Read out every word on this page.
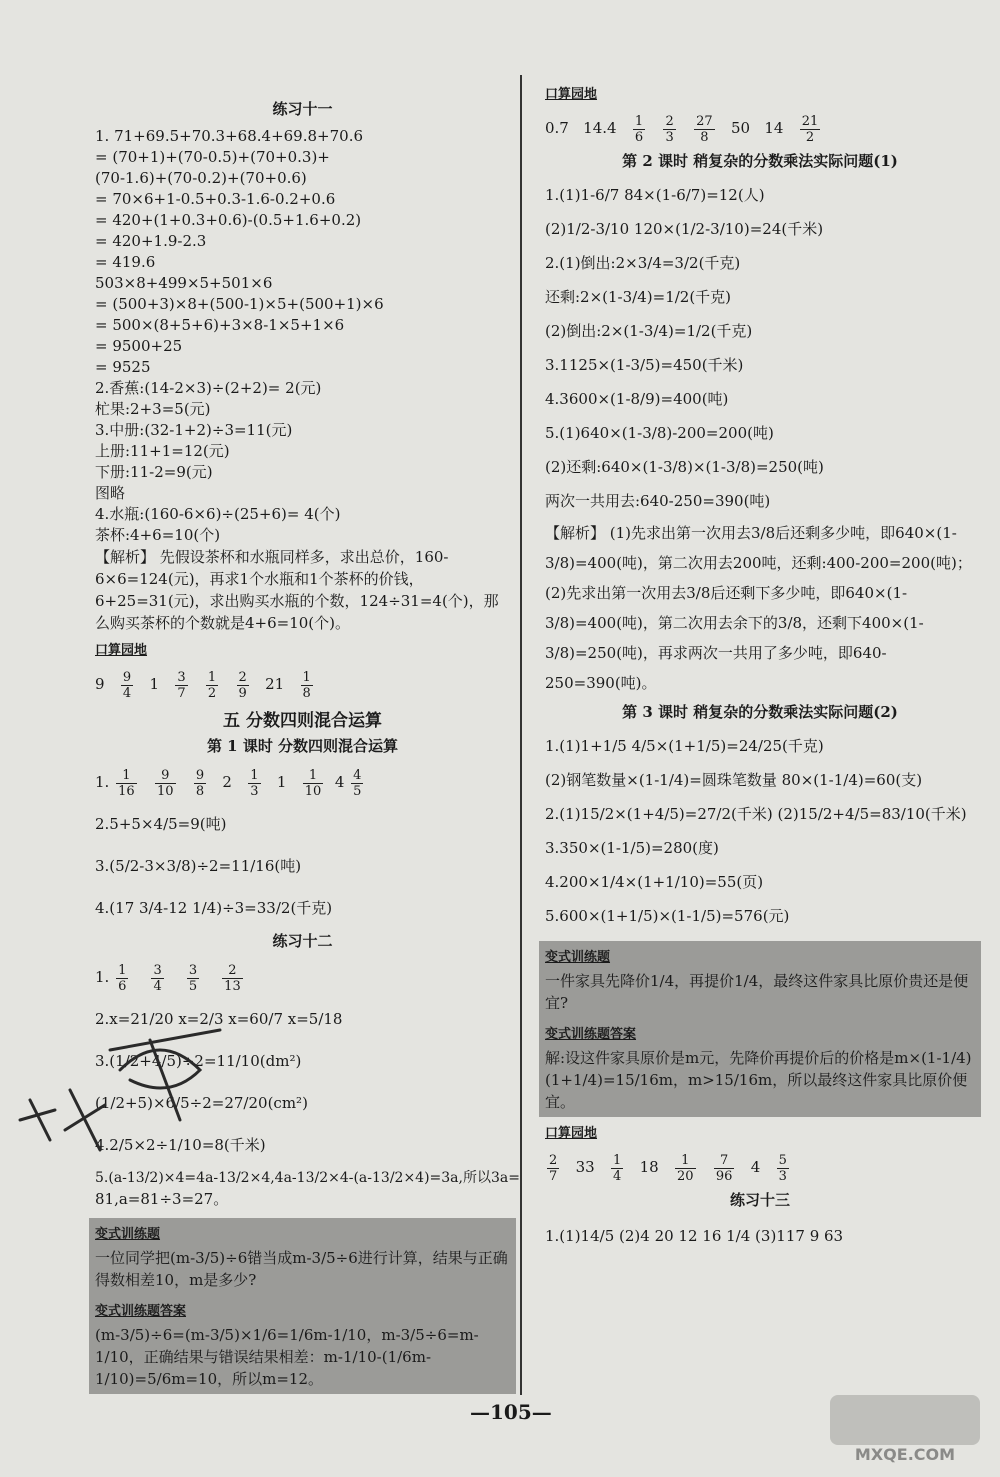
练习十一
1. 71+69.5+70.3+68.4+69.8+70.6
= (70+1)+(70-0.5)+(70+0.3)+
(70-1.6)+(70-0.2)+(70+0.6)
= 70×6+1-0.5+0.3-1.6-0.2+0.6
= 420+(1+0.3+0.6)-(0.5+1.6+0.2)
= 420+1.9-2.3
= 419.6
503×8+499×5+501×6
= (500+3)×8+(500-1)×5+(500+1)×6
= 500×(8+5+6)+3×8-1×5+1×6
= 9500+25
= 9525
2.香蕉:(14-2×3)÷(2+2)= 2(元)
杧果:2+3=5(元)
3.中册:(32-1+2)÷3=11(元)
上册:11+1=12(元)
下册:11-2=9(元)
图略
4.水瓶:(160-6×6)÷(25+6)= 4(个)
茶杯:4+6=10(个)
【解析】 先假设茶杯和水瓶同样多，求出总价，160-6×6=124(元)，再求1个水瓶和1个茶杯的价钱，6+25=31(元)，求出购买水瓶的个数，124÷31=4(个)，那么购买茶杯的个数就是4+6=10(个)。
口算园地
$9 \frac{9}{4} 1 \frac{3}{7}$
$\frac{1}{2}$
$\frac{2}{9} 21 \frac{1}{8}$
五 分数四则混合运算
第 1 课时 分数四则混合运算
1. $\frac{1}{16}$
$\frac{9}{10}$
$\frac{9}{8} 2 \frac{1}{3} 1 \frac{1}{10} 4 \frac{4}{5}$
2.5+5×4/5=9(吨)
3.(5/2-3×3/8)÷2=11/16(吨)
4.(17 3/4-12 1/4)÷3=33/2(千克)
练习十二
1. $\frac{1}{6}$
$\frac{3}{4}$
$\frac{3}{5}$
$\frac{2}{13}$
2.x=21/20 x=2/3 x=60/7 x=5/18
3.(1/2+4/5)÷2=11/10(dm²)
(1/2+5)×6/5÷2=27/20(cm²)
4.2/5×2÷1/10=8(千米)
5.(a-13/2)×4=4a-13/2×4,4a-13/2×4-(a-13/2×4)=3a,所以3a=
81,a=81÷3=27。
变式训练题
一位同学把(m-3/5)÷6错当成m-3/5÷6进行计算，结果与正确得数相差10，m是多少?
变式训练题答案
(m-3/5)÷6=(m-3/5)×1/6=1/6m-1/10，m-3/5÷6=m-1/10，正确结果与错误结果相差：m-1/10-(1/6m-1/10)=5/6m=10，所以m=12。
口算园地
0.7 $14.4 \frac{1}{6}$
$\frac{2}{3}$
$\frac{27}{8} 50$ $14 \frac{21}{2}$
第 2 课时 稍复杂的分数乘法实际问题(1)
1.(1)1-6/7 84×(1-6/7)=12(人)
(2)1/2-3/10 120×(1/2-3/10)=24(千米)
2.(1)倒出:2×3/4=3/2(千克)
还剩:2×(1-3/4)=1/2(千克)
(2)倒出:2×(1-3/4)=1/2(千克)
3.1125×(1-3/5)=450(千米)
4.3600×(1-8/9)=400(吨)
5.(1)640×(1-3/8)-200=200(吨)
(2)还剩:640×(1-3/8)×(1-3/8)=250(吨)
两次一共用去:640-250=390(吨)
【解析】 (1)先求出第一次用去3/8后还剩多少吨，即640×(1-3/8)=400(吨)，第二次用去200吨，还剩:400-200=200(吨)；(2)先求出第一次用去3/8后还剩下多少吨，即640×(1-3/8)=400(吨)，第二次用去余下的3/8，还剩下400×(1-3/8)=250(吨)，再求两次一共用了多少吨，即640-250=390(吨)。
第 3 课时 稍复杂的分数乘法实际问题(2)
1.(1)1+1/5 4/5×(1+1/5)=24/25(千克)
(2)钢笔数量×(1-1/4)=圆珠笔数量 80×(1-1/4)=60(支)
2.(1)15/2×(1+4/5)=27/2(千米) (2)15/2+4/5=83/10(千米)
3.350×(1-1/5)=280(度)
4.200×1/4×(1+1/10)=55(页)
5.600×(1+1/5)×(1-1/5)=576(元)
变式训练题
一件家具先降价1/4，再提价1/4，最终这件家具比原价贵还是便宜?
变式训练题答案
解:设这件家具原价是m元，先降价再提价后的价格是m×(1-1/4)(1+1/4)=15/16m，m>15/16m，所以最终这件家具比原价便宜。
口算园地
$\frac{2}{7} 33 \frac{1}{4} 18 \frac{1}{20}$
$\frac{7}{96} 4 \frac{5}{3}$
练习十三
1.(1)14/5 (2)4 20 12 16 1/4 (3)117 9 63
—105—
MXQE.COM
